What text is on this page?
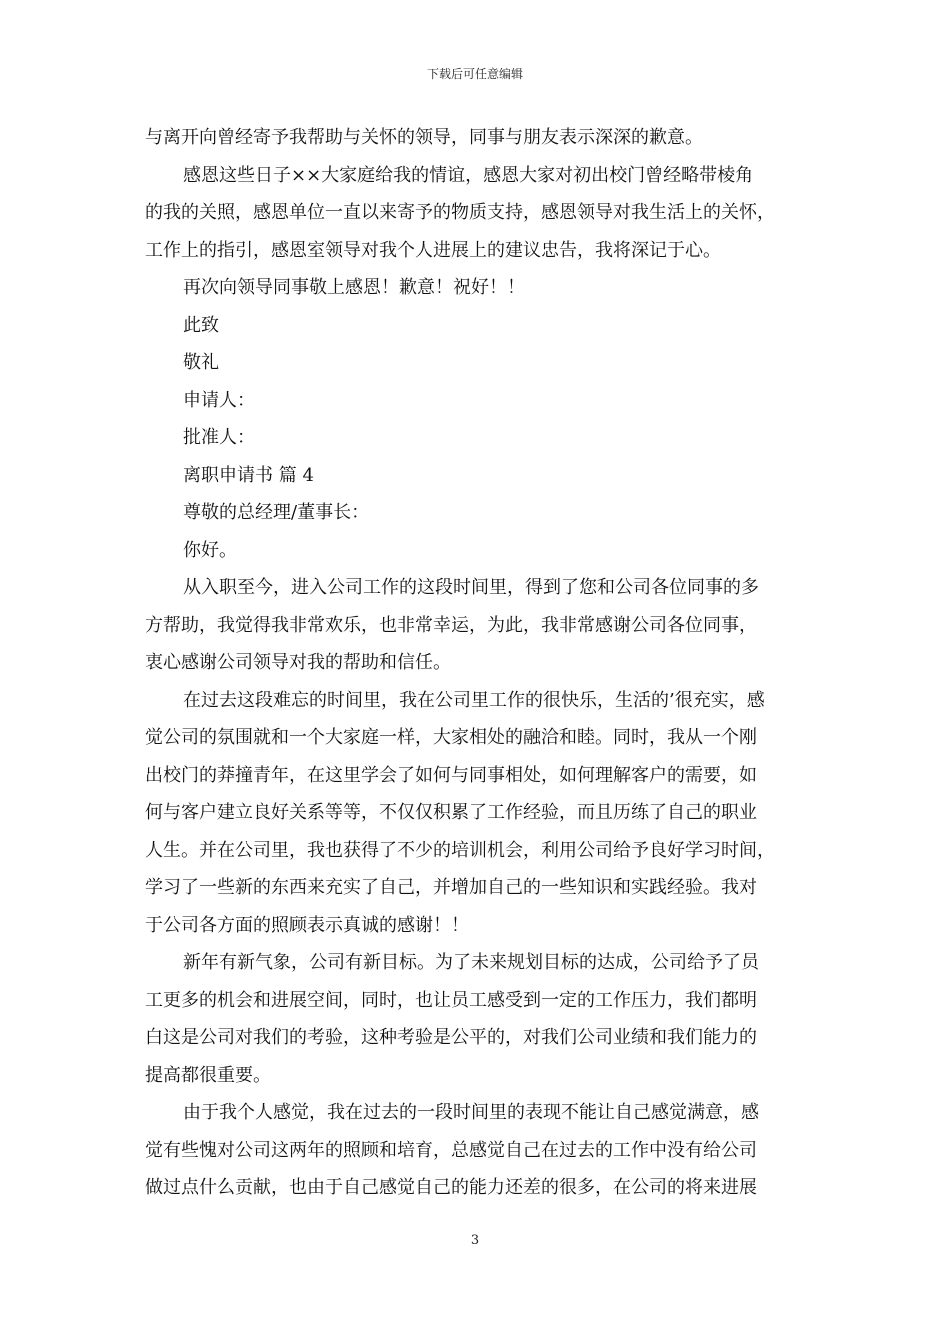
下载后可任意编辑
与离开向曾经寄予我帮助与关怀的领导，同事与朋友表示深深的歉意。
感恩这些日子××大家庭给我的情谊，感恩大家对初出校门曾经略带棱角
的我的关照，感恩单位一直以来寄予的物质支持，感恩领导对我生活上的关怀，
工作上的指引，感恩室领导对我个人进展上的建议忠告，我将深记于心。
再次向领导同事敬上感恩！歉意！祝好！！
此致
敬礼
申请人：
批准人：
离职申请书 篇 4
尊敬的总经理/董事长：
你好。
从入职至今，进入公司工作的这段时间里，得到了您和公司各位同事的多
方帮助，我觉得我非常欢乐，也非常幸运，为此，我非常感谢公司各位同事，
衷心感谢公司领导对我的帮助和信任。
在过去这段难忘的时间里，我在公司里工作的很快乐，生活的’很充实，感
觉公司的氛围就和一个大家庭一样，大家相处的融洽和睦。同时，我从一个刚
出校门的莽撞青年，在这里学会了如何与同事相处，如何理解客户的需要，如
何与客户建立良好关系等等，不仅仅积累了工作经验，而且历练了自己的职业
人生。并在公司里，我也获得了不少的培训机会，利用公司给予良好学习时间，
学习了一些新的东西来充实了自己，并增加自己的一些知识和实践经验。我对
于公司各方面的照顾表示真诚的感谢！！
新年有新气象，公司有新目标。为了未来规划目标的达成，公司给予了员
工更多的机会和进展空间，同时，也让员工感受到一定的工作压力，我们都明
白这是公司对我们的考验，这种考验是公平的，对我们公司业绩和我们能力的
提高都很重要。
由于我个人感觉，我在过去的一段时间里的表现不能让自己感觉满意，感
觉有些愧对公司这两年的照顾和培育，总感觉自己在过去的工作中没有给公司
做过点什么贡献，也由于自己感觉自己的能力还差的很多，在公司的将来进展
3
